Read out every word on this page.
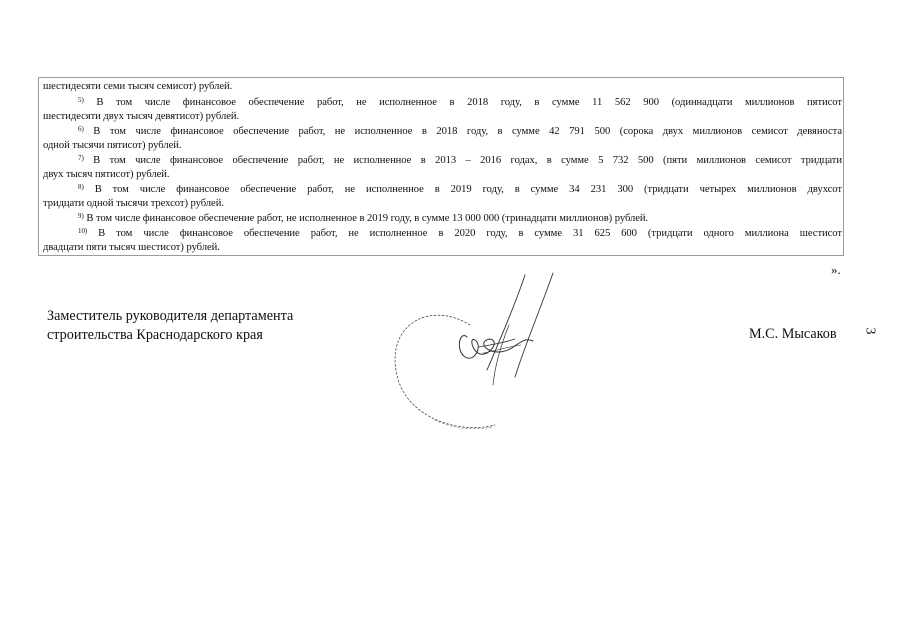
шестидесяти семи тысяч семисот) рублей.
$^{5)}$ В том числе финансовое обеспечение работ, не исполненное в 2018 году, в сумме 11 562 900 (одиннадцати миллионов пятисот
шестидесяти двух тысяч девятисот) рублей.
$^{6)}$ В том числе финансовое обеспечение работ, не исполненное в 2018 году, в сумме 42 791 500 (сорока двух миллионов семисот девяноста
одной тысячи пятисот) рублей.
$^{7)}$ В том числе финансовое обеспечение работ, не исполненное в 2013 – 2016 годах, в сумме 5 732 500 (пяти миллионов семисот тридцати
двух тысяч пятисот) рублей.
$^{8)}$ В том числе финансовое обеспечение работ, не исполненное в 2019 году, в сумме 34 231 300 (тридцати четырех миллионов двухсот
тридцати одной тысячи трехсот) рублей.
$^{9)}$ В том числе финансовое обеспечение работ, не исполненное в 2019 году, в сумме 13 000 000 (тринадцати миллионов) рублей.
$^{10)}$ В том числе финансовое обеспечение работ, не исполненное в 2020 году, в сумме 31 625 600 (тридцати одного миллиона шестисот
двадцати пяти тысяч шестисот) рублей.
».
Заместитель руководителя департамента
строительства Краснодарского края	М.С. Мысаков 3
